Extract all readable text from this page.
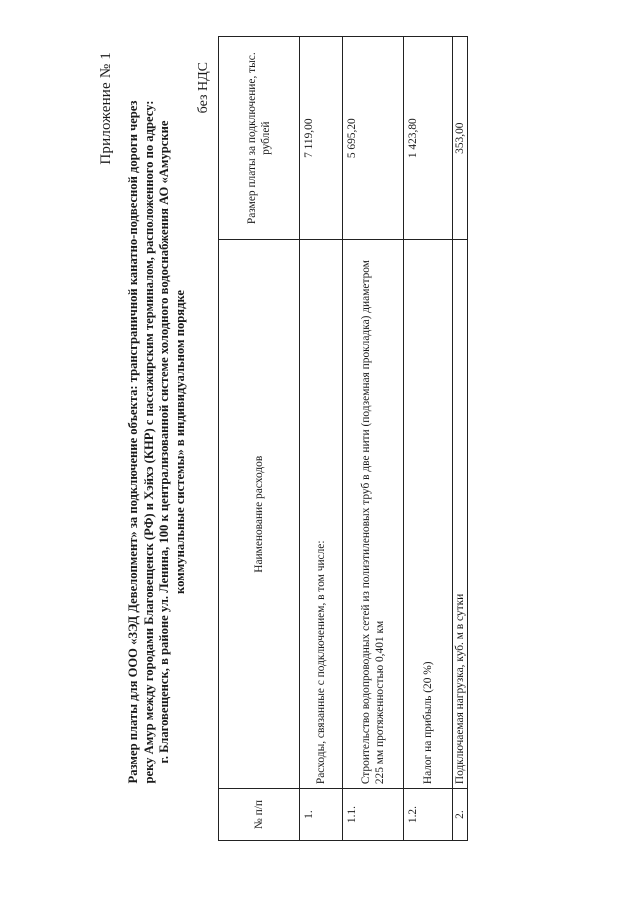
Приложение № 1 Размер платы для ООО «ЗЭД Девелопмент» за подключение объекта: трансграничной канатно-подвесной дороги через реку Амур между городами Благовещенск (РФ) и Хэйхэ (КНР) с пассажирским терминалом, расположенного по адресу: г. Благовещенск, в районе ул. Ленина, 100 к централизованной системе холодного водоснабжения АО «Амурские коммунальные системы» в индивидуальном порядке
без НДС
№ п/п	Наименование расходов	Размер платы за подключение, тыс. рублей
1.	Расходы, связанные с подключением, в том числе:	7 119,00
1.1.	Строительство водопроводных сетей из полиэтиленовых труб в две нити (подземная прокладка) диаметром 225 мм протяженностью 0,401 км	5 695,20
1.2.	Налог на прибыль (20 %)	1 423,80
2.	Подключаемая нагрузка, куб. м в сутки	353,00
